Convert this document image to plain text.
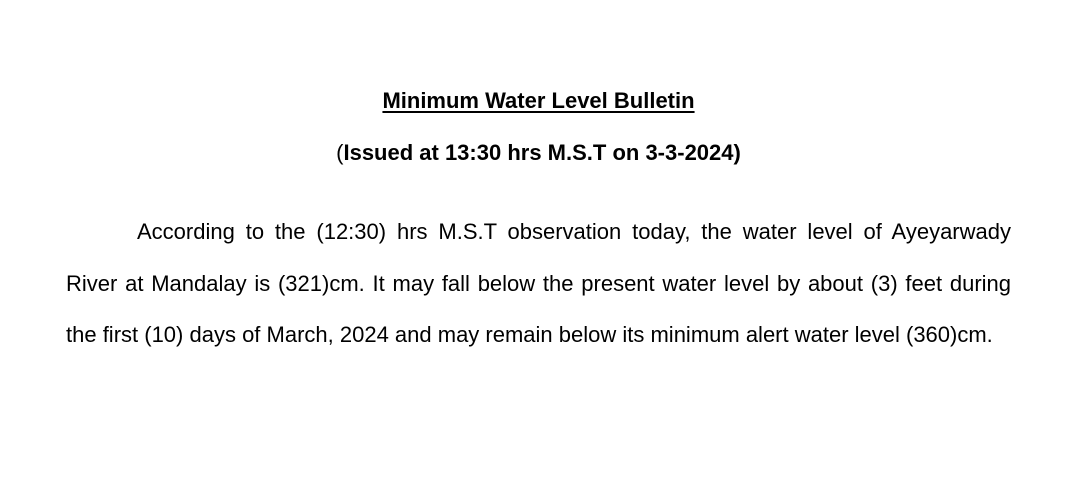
Minimum Water Level Bulletin
(Issued at 13:30 hrs M.S.T on 3-3-2024)

According to the (12:30) hrs M.S.T observation today, the water level of Ayeyarwady River at Mandalay is (321)cm. It may fall below the present water level by about (3) feet during the first (10) days of March, 2024 and may remain below its minimum alert water level (360)cm.
